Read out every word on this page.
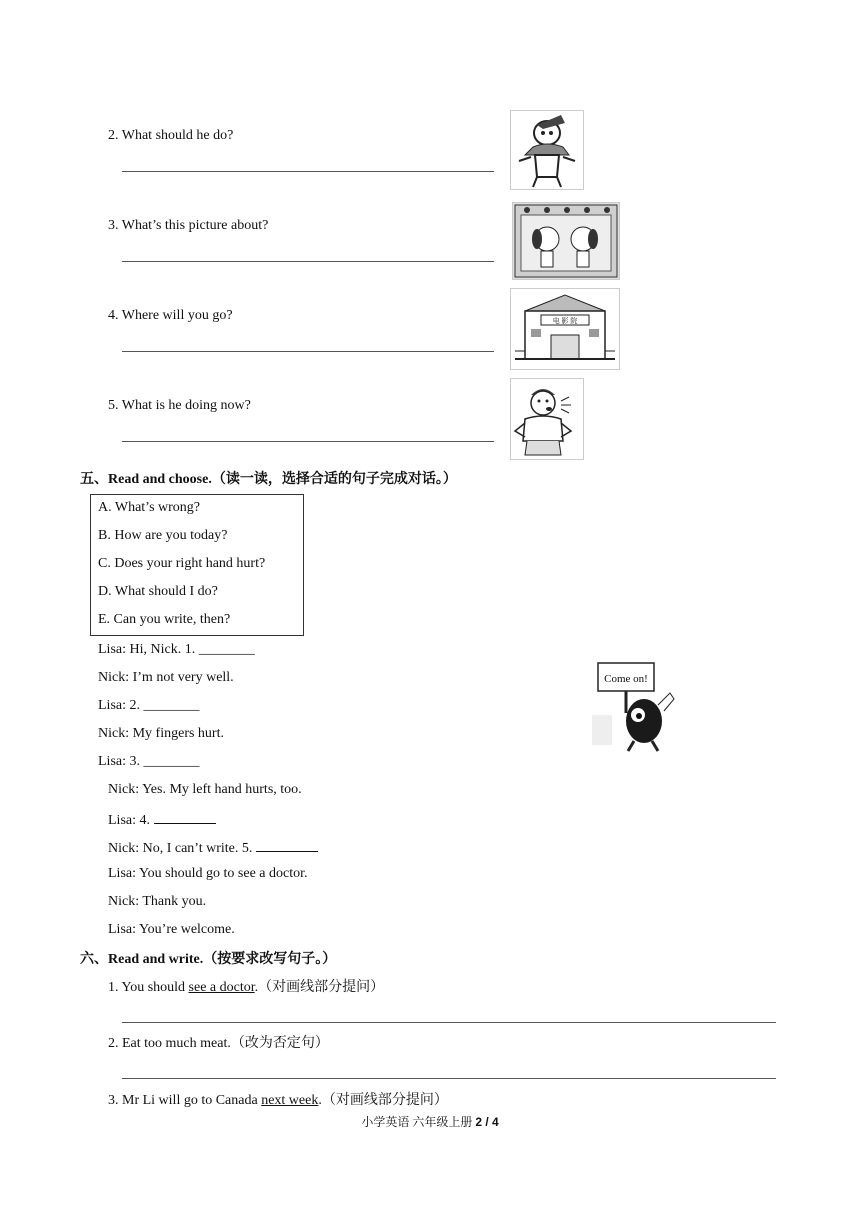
2. What should he do?
3. What’s this picture about?
4. Where will you go?	电 影 院
5. What is he doing now?
五、Read and choose.（读一读，选择合适的句子完成对话。）
A. What’s wrong?
B. How are you today?
C. Does your right hand hurt?
D. What should I do?
E. Can you write, then?
Lisa: Hi, Nick. 1. ________
Nick: I’m not very well.
Lisa: 2. ________
Nick: My fingers hurt.
Lisa: 3. ________
Nick: Yes. My left hand hurts, too.
Lisa: 4.
Nick: No, I can’t write. 5.
Lisa: You should go to see a doctor.
Nick: Thank you.
Lisa: You’re welcome.
Come on!
六、Read and write.（按要求改写句子。）
1. You should see a doctor.（对画线部分提问）
2. Eat too much meat.（改为否定句）
3. Mr Li will go to Canada next week.（对画线部分提问）
小学英语 六年级上册 2 / 4
